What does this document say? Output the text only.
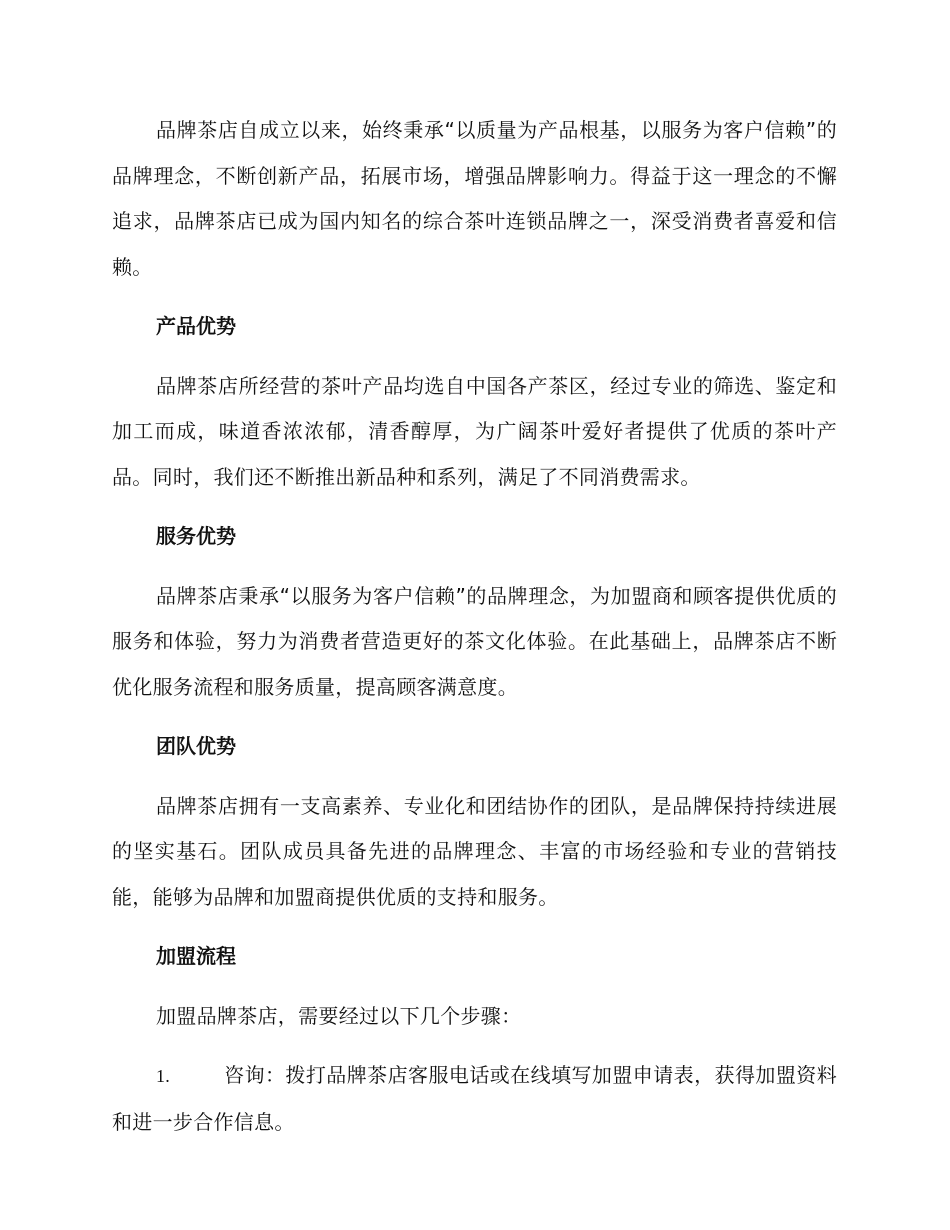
品牌茶店自成立以来，始终秉承“以质量为产品根基，以服务为客户信赖”的品牌理念，不断创新产品，拓展市场，增强品牌影响力。得益于这一理念的不懈追求，品牌茶店已成为国内知名的综合茶叶连锁品牌之一，深受消费者喜爱和信赖。

产品优势

品牌茶店所经营的茶叶产品均选自中国各产茶区，经过专业的筛选、鉴定和加工而成，味道香浓浓郁，清香醇厚，为广阔茶叶爱好者提供了优质的茶叶产品。同时，我们还不断推出新品种和系列，满足了不同消费需求。

服务优势

品牌茶店秉承“以服务为客户信赖”的品牌理念，为加盟商和顾客提供优质的服务和体验，努力为消费者营造更好的茶文化体验。在此基础上，品牌茶店不断优化服务流程和服务质量，提高顾客满意度。

团队优势

品牌茶店拥有一支高素养、专业化和团结协作的团队，是品牌保持持续进展的坚实基石。团队成员具备先进的品牌理念、丰富的市场经验和专业的营销技能，能够为品牌和加盟商提供优质的支持和服务。

加盟流程

加盟品牌茶店，需要经过以下几个步骤：

1.	咨询：拨打品牌茶店客服电话或在线填写加盟申请表，获得加盟资料和进一步合作信息。
